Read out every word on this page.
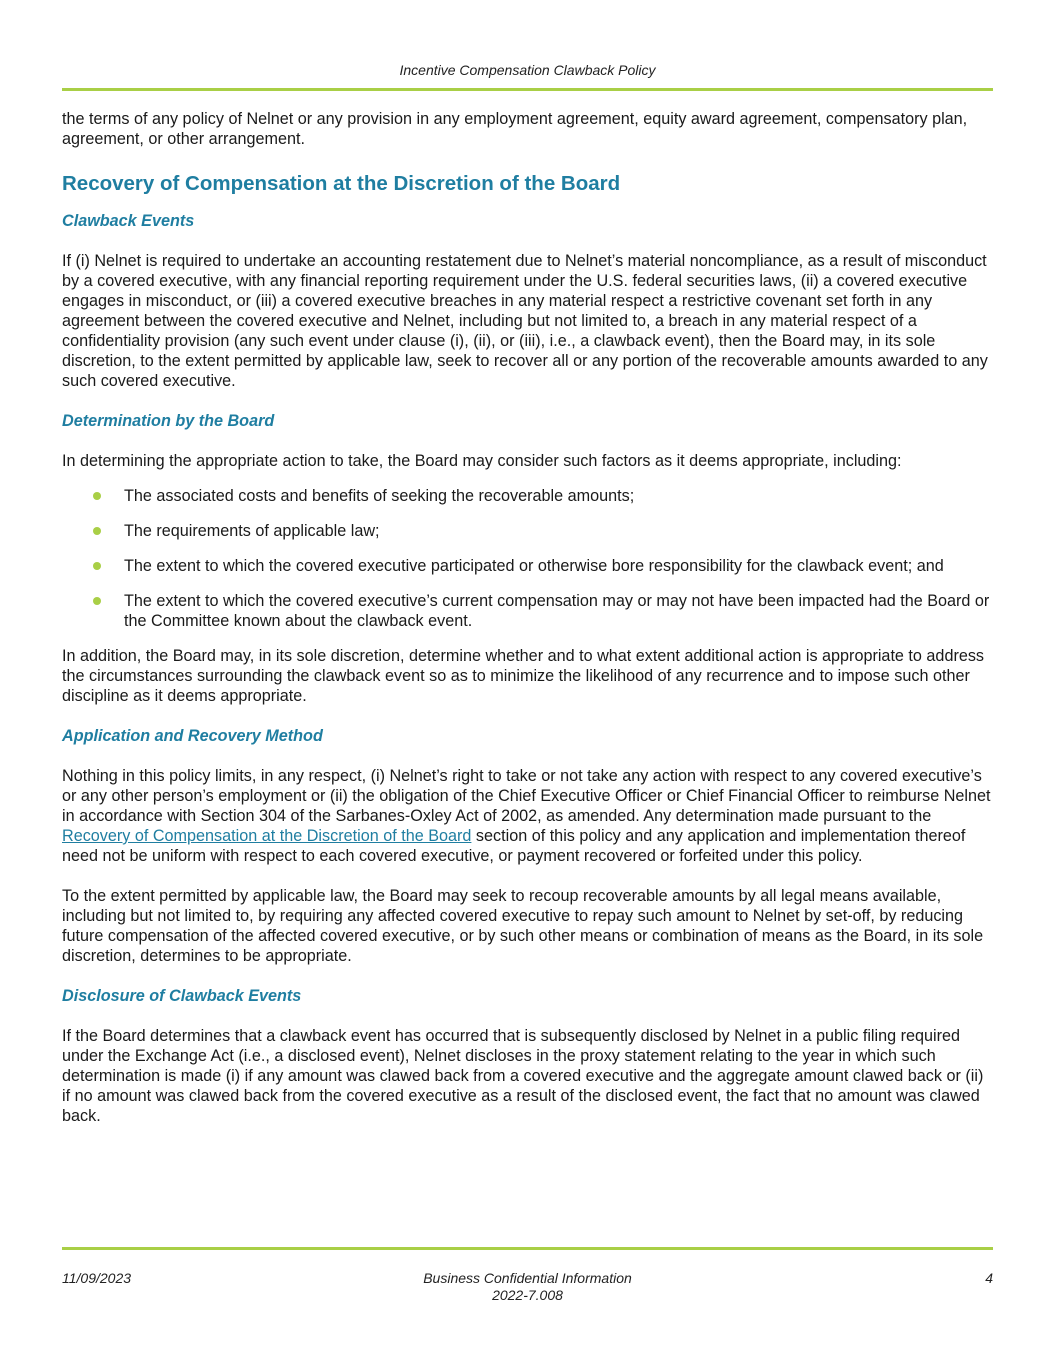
Incentive Compensation Clawback Policy

the terms of any policy of Nelnet or any provision in any employment agreement, equity award agreement, compensatory plan, agreement, or other arrangement.

Recovery of Compensation at the Discretion of the Board
Clawback Events

If (i) Nelnet is required to undertake an accounting restatement due to Nelnet’s material noncompliance, as a result of misconduct by a covered executive, with any financial reporting requirement under the U.S. federal securities laws, (ii) a covered executive engages in misconduct, or (iii) a covered executive breaches in any material respect a restrictive covenant set forth in any agreement between the covered executive and Nelnet, including but not limited to, a breach in any material respect of a confidentiality provision (any such event under clause (i), (ii), or (iii), i.e., a clawback event), then the Board may, in its sole discretion, to the extent permitted by applicable law, seek to recover all or any portion of the recoverable amounts awarded to any such covered executive.

Determination by the Board

In determining the appropriate action to take, the Board may consider such factors as it deems appropriate, including:

The associated costs and benefits of seeking the recoverable amounts;
The requirements of applicable law;
The extent to which the covered executive participated or otherwise bore responsibility for the clawback event; and
The extent to which the covered executive’s current compensation may or may not have been impacted had the Board or the Committee known about the clawback event.

In addition, the Board may, in its sole discretion, determine whether and to what extent additional action is appropriate to address the circumstances surrounding the clawback event so as to minimize the likelihood of any recurrence and to impose such other discipline as it deems appropriate.

Application and Recovery Method

Nothing in this policy limits, in any respect, (i) Nelnet’s right to take or not take any action with respect to any covered executive’s or any other person’s employment or (ii) the obligation of the Chief Executive Officer or Chief Financial Officer to reimburse Nelnet in accordance with Section 304 of the Sarbanes-Oxley Act of 2002, as amended. Any determination made pursuant to the Recovery of Compensation at the Discretion of the Board section of this policy and any application and implementation thereof need not be uniform with respect to each covered executive, or payment recovered or forfeited under this policy.

To the extent permitted by applicable law, the Board may seek to recoup recoverable amounts by all legal means available, including but not limited to, by requiring any affected covered executive to repay such amount to Nelnet by set-off, by reducing future compensation of the affected covered executive, or by such other means or combination of means as the Board, in its sole discretion, determines to be appropriate.

Disclosure of Clawback Events

If the Board determines that a clawback event has occurred that is subsequently disclosed by Nelnet in a public filing required under the Exchange Act (i.e., a disclosed event), Nelnet discloses in the proxy statement relating to the year in which such determination is made (i) if any amount was clawed back from a covered executive and the aggregate amount clawed back or (ii) if no amount was clawed back from the covered executive as a result of the disclosed event, the fact that no amount was clawed back.

11/09/2023	Business Confidential Information
2022-7.008
4
